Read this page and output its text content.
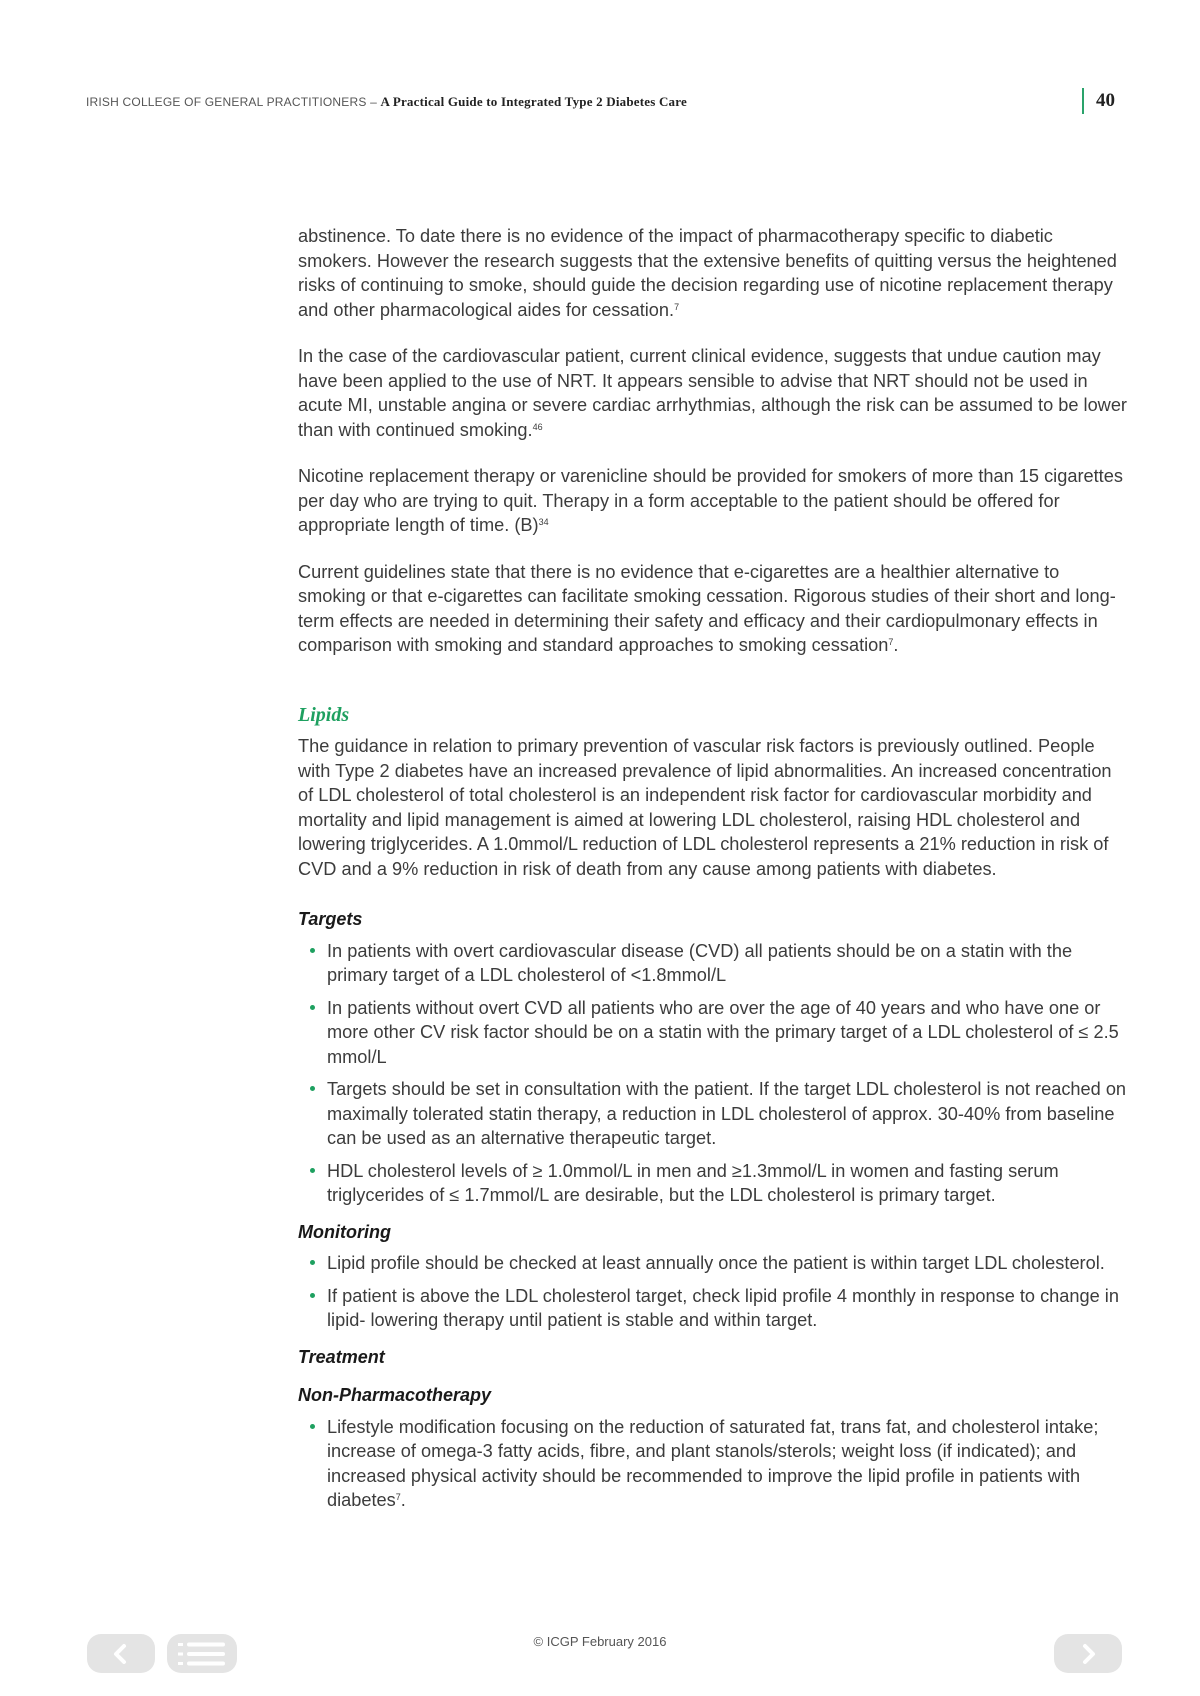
IRISH COLLEGE OF GENERAL PRACTITIONERS – A Practical Guide to Integrated Type 2 Diabetes Care	40

abstinence. To date there is no evidence of the impact of pharmacotherapy specific to diabetic smokers. However the research suggests that the extensive benefits of quitting versus the heightened risks of continuing to smoke, should guide the decision regarding use of nicotine replacement therapy and other pharmacological aides for cessation.$^7$

In the case of the cardiovascular patient, current clinical evidence, suggests that undue caution may have been applied to the use of NRT. It appears sensible to advise that NRT should not be used in acute MI, unstable angina or severe cardiac arrhythmias, although the risk can be assumed to be lower than with continued smoking.$^{46}$

Nicotine replacement therapy or varenicline should be provided for smokers of more than 15 cigarettes per day who are trying to quit. Therapy in a form acceptable to the patient should be offered for appropriate length of time. $(B)^{34}$

Current guidelines state that there is no evidence that e-cigarettes are a healthier alternative to smoking or that e-cigarettes can facilitate smoking cessation. Rigorous studies of their short and long-term effects are needed in determining their safety and efficacy and their cardiopulmonary effects in comparison with smoking and standard approaches to smoking cessation$^7$.

Lipids

The guidance in relation to primary prevention of vascular risk factors is previously outlined. People with Type 2 diabetes have an increased prevalence of lipid abnormalities. An increased concentration of LDL cholesterol of total cholesterol is an independent risk factor for cardiovascular morbidity and mortality and lipid management is aimed at lowering LDL cholesterol, raising HDL cholesterol and lowering triglycerides. A 1.0mmol/L reduction of LDL cholesterol represents a 21% reduction in risk of CVD and a 9% reduction in risk of death from any cause among patients with diabetes.

Targets
In patients with overt cardiovascular disease (CVD) all patients should be on a statin with the primary target of a LDL cholesterol of <1.8mmol/L
In patients without overt CVD all patients who are over the age of 40 years and who have one or more other CV risk factor should be on a statin with the primary target of a LDL cholesterol of ≤ 2.5 mmol/L
Targets should be set in consultation with the patient. If the target LDL cholesterol is not reached on maximally tolerated statin therapy, a reduction in LDL cholesterol of approx. 30-40% from baseline can be used as an alternative therapeutic target.
HDL cholesterol levels of ≥ 1.0mmol/L in men and ≥1.3mmol/L in women and fasting serum triglycerides of ≤ 1.7mmol/L are desirable, but the LDL cholesterol is primary target.
Monitoring
Lipid profile should be checked at least annually once the patient is within target LDL cholesterol.
If patient is above the LDL cholesterol target, check lipid profile 4 monthly in response to change in lipid- lowering therapy until patient is stable and within target.
Treatment
Non-Pharmacotherapy
Lifestyle modification focusing on the reduction of saturated fat, trans fat, and cholesterol intake; increase of omega-3 fatty acids, fibre, and plant stanols/sterols; weight loss (if indicated); and increased physical activity should be recommended to improve the lipid profile in patients with diabetes$^7$.
© ICGP February 2016
